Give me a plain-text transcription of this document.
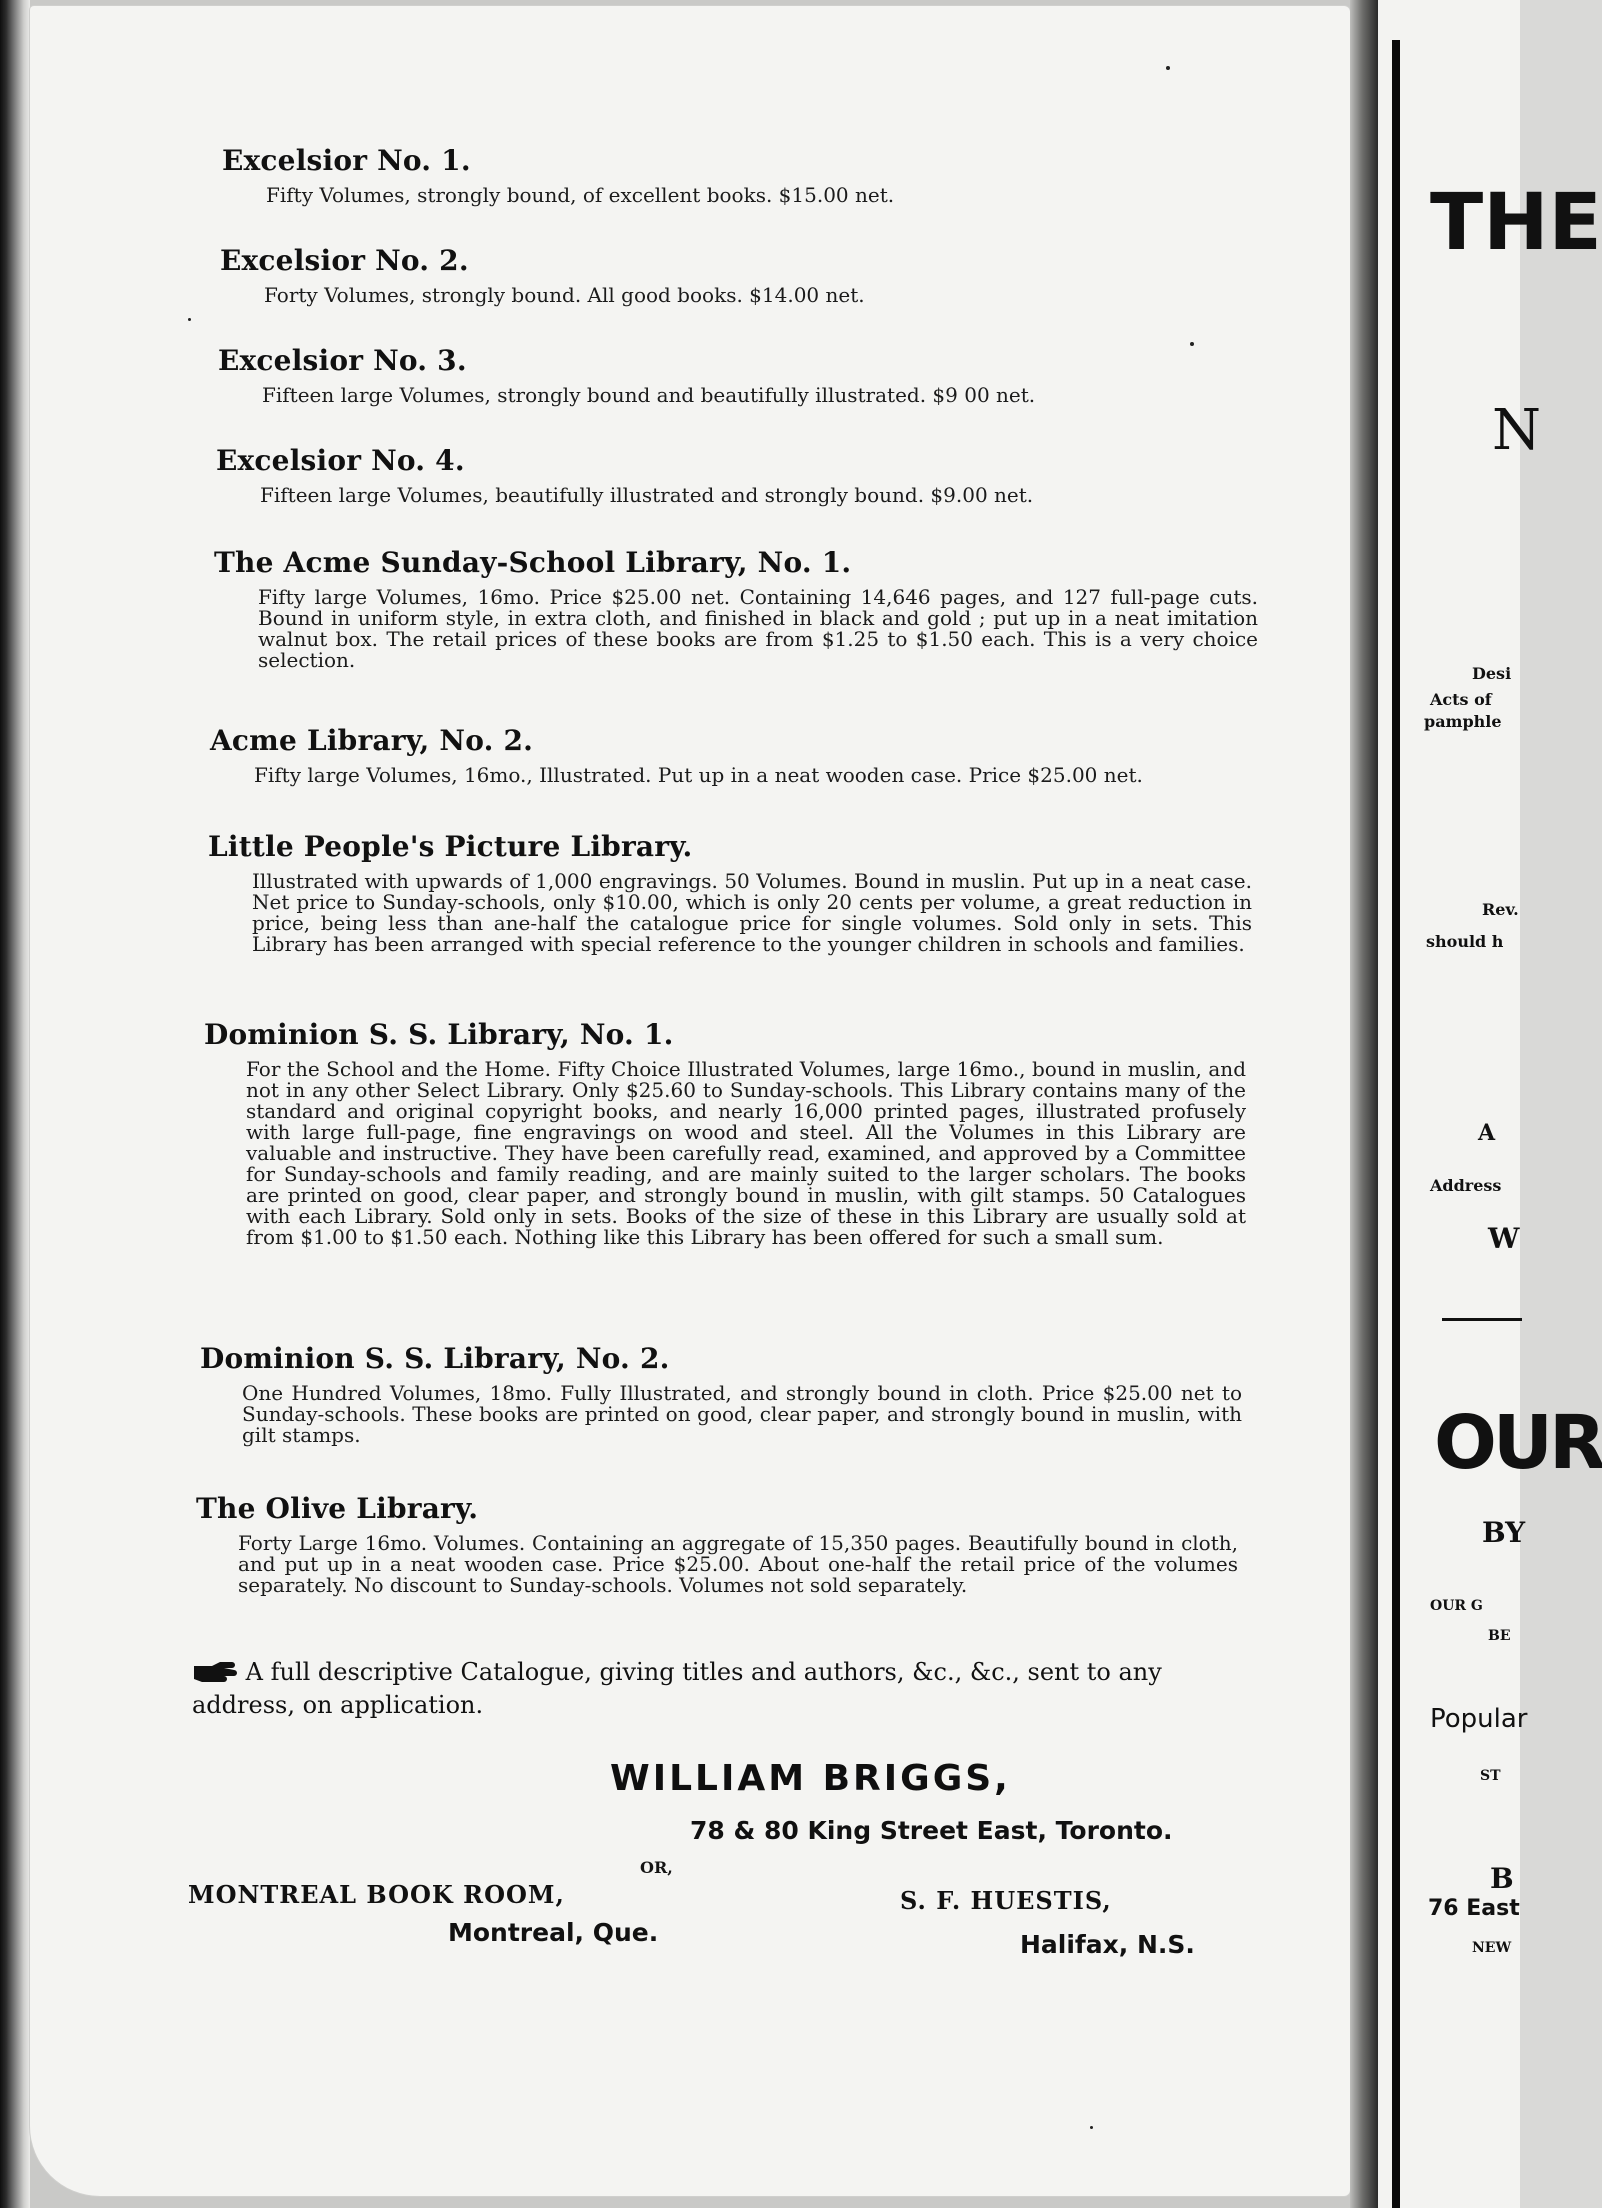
Excelsior No. 1.
Fifty Volumes, strongly bound, of excellent books. $15.00 net.
Excelsior No. 2.
Forty Volumes, strongly bound. All good books. $14.00 net.
Excelsior No. 3.
Fifteen large Volumes, strongly bound and beautifully illustrated. $9 00 net.
Excelsior No. 4.
Fifteen large Volumes, beautifully illustrated and strongly bound. $9.00 net.
The Acme Sunday-School Library, No. 1.
Fifty large Volumes, 16mo. Price $25.00 net. Containing 14,646 pages, and 127 full-page cuts. Bound in uniform style, in extra cloth, and finished in black and gold ; put up in a neat imitation walnut box. The retail prices of these books are from $1.25 to $1.50 each. This is a very choice selection.
Acme Library, No. 2.
Fifty large Volumes, 16mo., Illustrated. Put up in a neat wooden case. Price $25.00 net.
Little People's Picture Library.
Illustrated with upwards of 1,000 engravings. 50 Volumes. Bound in muslin. Put up in a neat case. Net price to Sunday-schools, only $10.00, which is only 20 cents per volume, a great reduction in price, being less than ane-half the catalogue price for single volumes. Sold only in sets. This Library has been arranged with special reference to the younger children in schools and families.
Dominion S. S. Library, No. 1.
For the School and the Home. Fifty Choice Illustrated Volumes, large 16mo., bound in muslin, and not in any other Select Library. Only $25.60 to Sunday-schools. This Library contains many of the standard and original copyright books, and nearly 16,000 printed pages, illustrated profusely with large full-page, fine engravings on wood and steel. All the Volumes in this Library are valuable and instructive. They have been carefully read, examined, and approved by a Committee for Sunday-schools and family reading, and are mainly suited to the larger scholars. The books are printed on good, clear paper, and strongly bound in muslin, with gilt stamps. 50 Catalogues with each Library. Sold only in sets. Books of the size of these in this Library are usually sold at from $1.00 to $1.50 each. Nothing like this Library has been offered for such a small sum.
Dominion S. S. Library, No. 2.
One Hundred Volumes, 18mo. Fully Illustrated, and strongly bound in cloth. Price $25.00 net to Sunday-schools. These books are printed on good, clear paper, and strongly bound in muslin, with gilt stamps.
The Olive Library.
Forty Large 16mo. Volumes. Containing an aggregate of 15,350 pages. Beautifully bound in cloth, and put up in a neat wooden case. Price $25.00. About one-half the retail price of the volumes separately. No discount to Sunday-schools. Volumes not sold separately.
A full descriptive Catalogue, giving titles and authors, &c., &c., sent to any address, on application.
WILLIAM BRIGGS,
78 & 80 King Street East, Toronto.
OR,
MONTREAL BOOK ROOM,
Montreal, Que.
S. F. HUESTIS,
Halifax, N.S.
THE
N
Desi
Acts of
pamphle
Rev.
should h
A
Address
W
OUR
BY
OUR G
BE
Popular
ST
B
76 East
NEW
